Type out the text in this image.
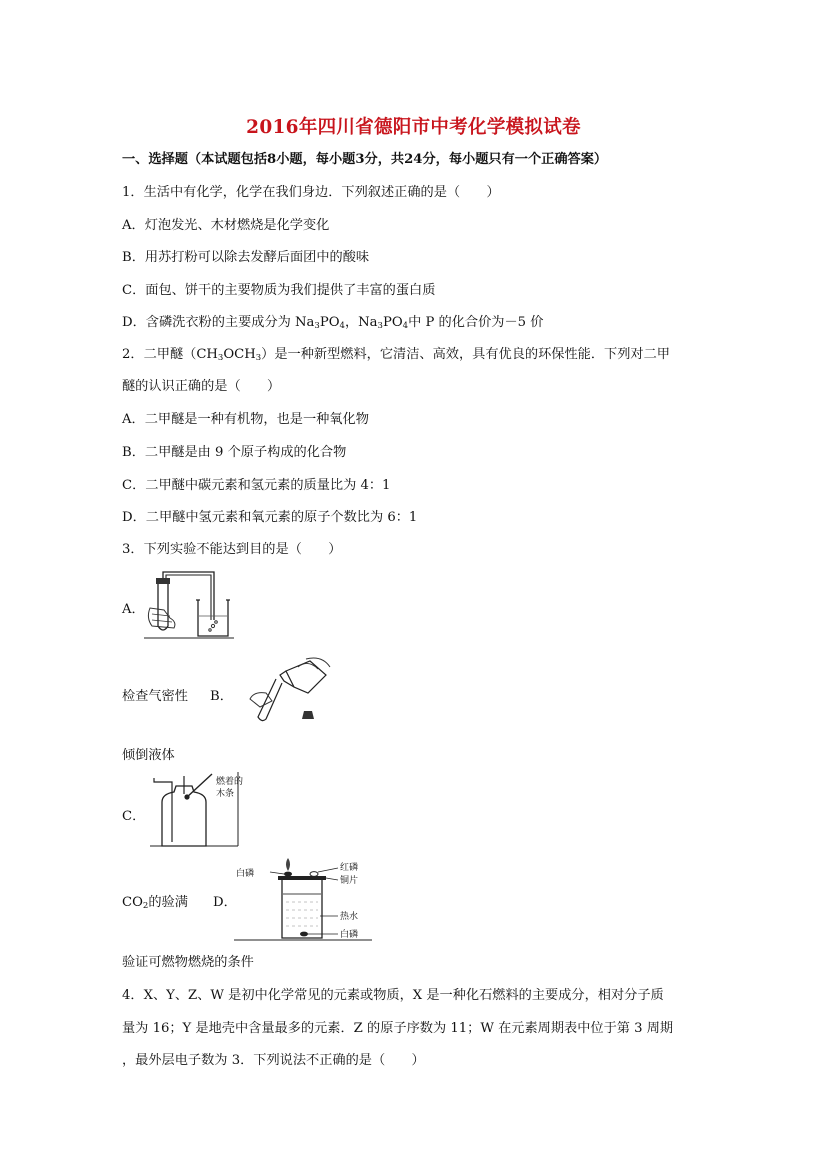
2016年四川省德阳市中考化学模拟试卷
一、选择题（本试题包括8小题，每小题3分，共24分，每小题只有一个正确答案）
1．生活中有化学，化学在我们身边．下列叙述正确的是（　　）
A．灯泡发光、木材燃烧是化学变化
B．用苏打粉可以除去发酵后面团中的酸味
C．面包、饼干的主要物质为我们提供了丰富的蛋白质
D．含磷洗衣粉的主要成分为 $Na_3PO_4$，$Na_3PO_4$中 P 的化合价为－5 价
2．二甲醚$(CH_3OCH_3)$是一种新型燃料，它清洁、高效，具有优良的环保性能．下列对二甲
醚的认识正确的是（　　）
A．二甲醚是一种有机物，也是一种氧化物
B．二甲醚是由 9 个原子构成的化合物
C．二甲醚中碳元素和氢元素的质量比为 4：1
D．二甲醚中氢元素和氧元素的原子个数比为 6：1
3．下列实验不能达到目的是（　　）
A．
检查气密性 B．
倾倒液体
C．
燃着的
木条
$CO_2$的验满 D．
白磷
红磷
铜片
热水
白磷
验证可燃物燃烧的条件
4．X、Y、Z、W 是初中化学常见的元素或物质，X 是一种化石燃料的主要成分，相对分子质
量为 16；Y 是地壳中含量最多的元素．Z 的原子序数为 11；W 在元素周期表中位于第 3 周期
，最外层电子数为 3．下列说法不正确的是（　　）
